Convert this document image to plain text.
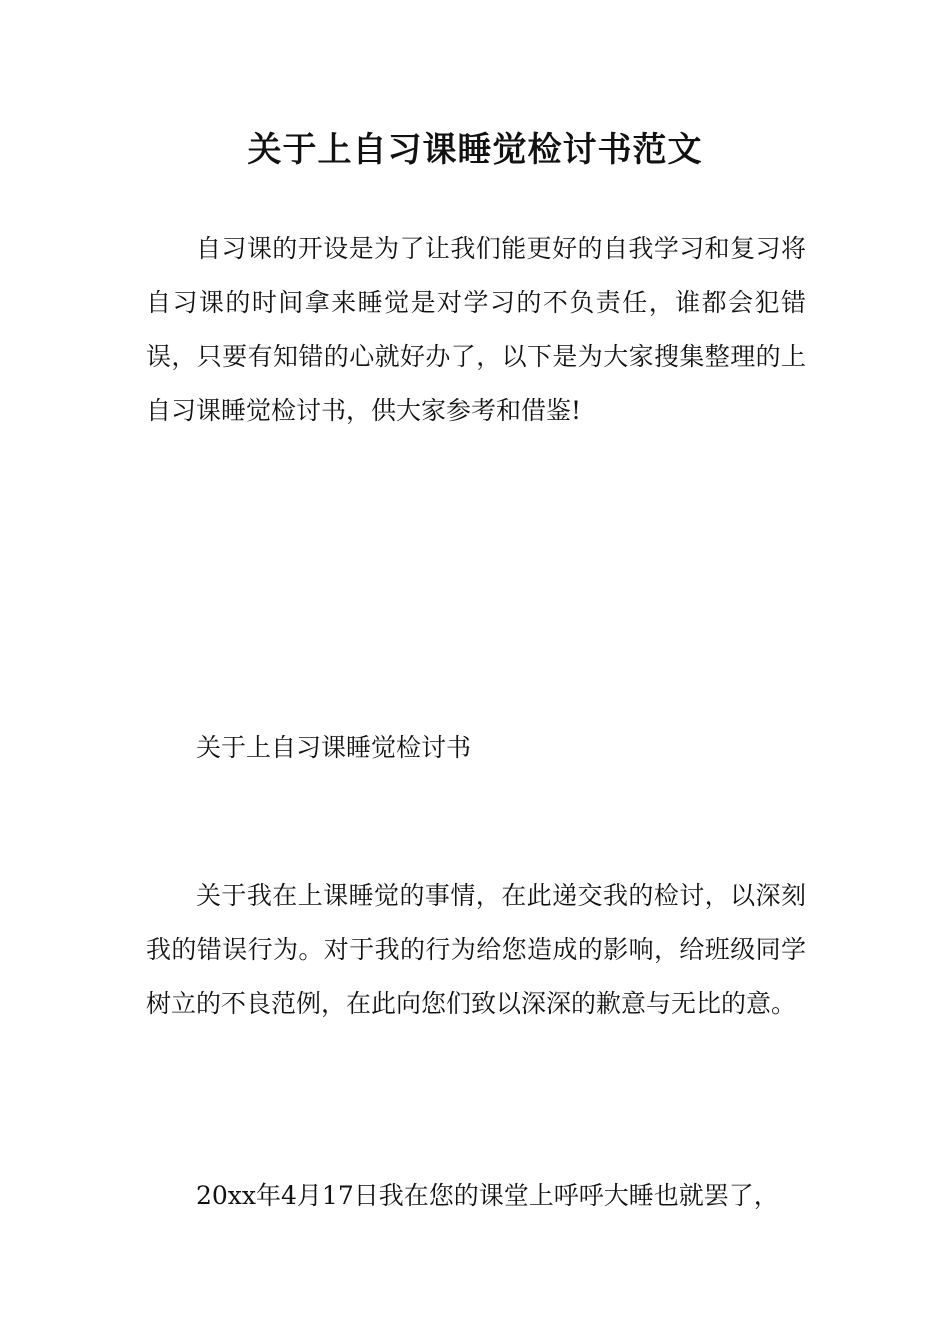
关于上自习课睡觉检讨书范文

自习课的开设是为了让我们能更好的自我学习和复习将自习课的时间拿来睡觉是对学习的不负责任，谁都会犯错误，只要有知错的心就好办了，以下是为大家搜集整理的上自习课睡觉检讨书，供大家参考和借鉴!

关于上自习课睡觉检讨书

关于我在上课睡觉的事情，在此递交我的检讨，以深刻我的错误行为。对于我的行为给您造成的影响，给班级同学树立的不良范例，在此向您们致以深深的歉意与无比的意。

20xx年4月17日我在您的课堂上呼呼大睡也就罢了，
